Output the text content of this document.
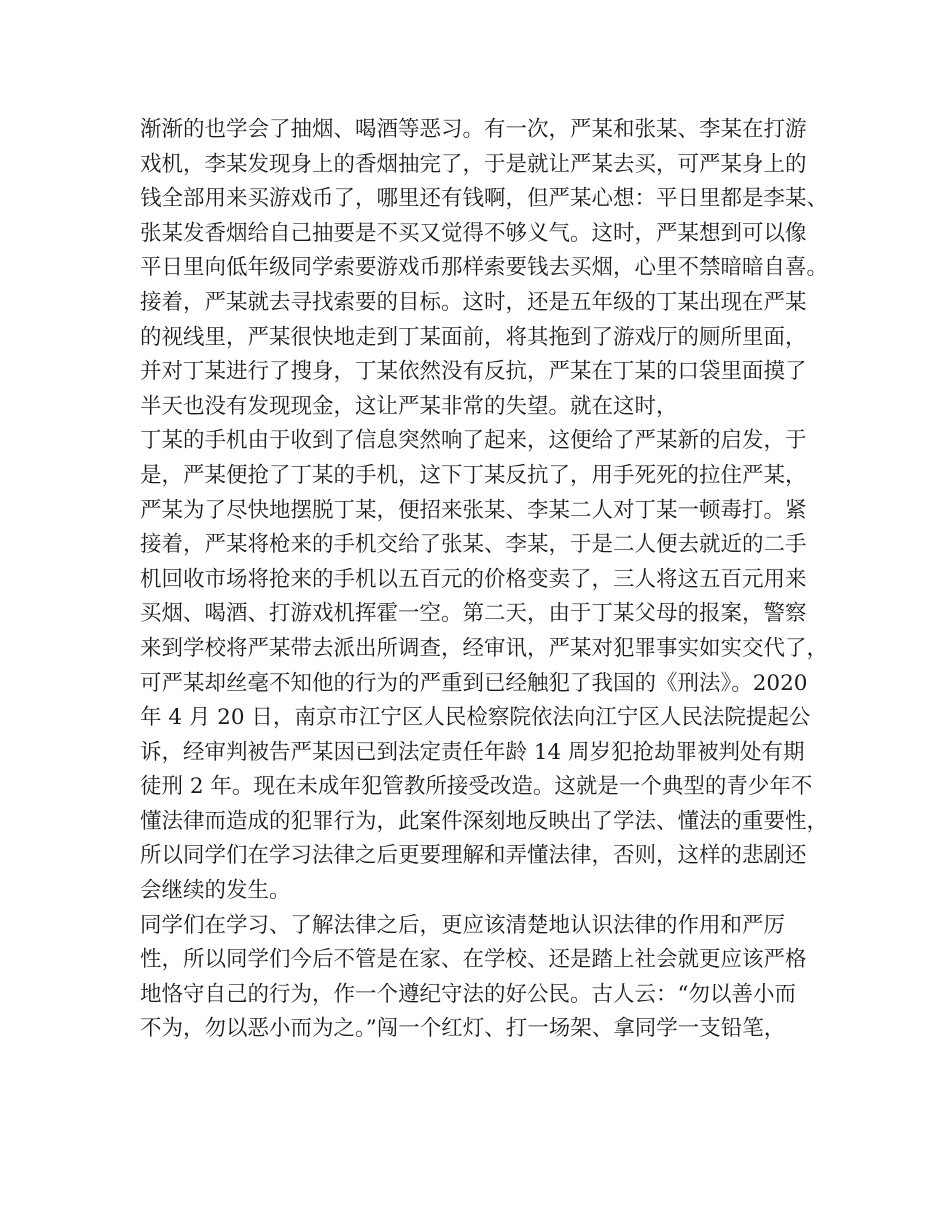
渐渐的也学会了抽烟、喝酒等恶习。有一次，严某和张某、李某在打游
戏机，李某发现身上的香烟抽完了，于是就让严某去买，可严某身上的
钱全部用来买游戏币了，哪里还有钱啊，但严某心想：平日里都是李某、
张某发香烟给自己抽要是不买又觉得不够义气。这时，严某想到可以像
平日里向低年级同学索要游戏币那样索要钱去买烟，心里不禁暗暗自喜。
接着，严某就去寻找索要的目标。这时，还是五年级的丁某出现在严某
的视线里，严某很快地走到丁某面前，将其拖到了游戏厅的厕所里面，
并对丁某进行了搜身，丁某依然没有反抗，严某在丁某的口袋里面摸了
半天也没有发现现金，这让严某非常的失望。就在这时，
丁某的手机由于收到了信息突然响了起来，这便给了严某新的启发，于
是，严某便抢了丁某的手机，这下丁某反抗了，用手死死的拉住严某，
严某为了尽快地摆脱丁某，便招来张某、李某二人对丁某一顿毒打。紧
接着，严某将枪来的手机交给了张某、李某，于是二人便去就近的二手
机回收市场将抢来的手机以五百元的价格变卖了，三人将这五百元用来
买烟、喝酒、打游戏机挥霍一空。第二天，由于丁某父母的报案，警察
来到学校将严某带去派出所调查，经审讯，严某对犯罪事实如实交代了，
可严某却丝毫不知他的行为的严重到已经触犯了我国的《刑法》。2020
年 4 月 20 日，南京市江宁区人民检察院依法向江宁区人民法院提起公
诉，经审判被告严某因已到法定责任年龄 14 周岁犯抢劫罪被判处有期
徒刑 2 年。现在未成年犯管教所接受改造。这就是一个典型的青少年不
懂法律而造成的犯罪行为，此案件深刻地反映出了学法、懂法的重要性，
所以同学们在学习法律之后更要理解和弄懂法律，否则，这样的悲剧还
会继续的发生。
同学们在学习、了解法律之后，更应该清楚地认识法律的作用和严厉
性，所以同学们今后不管是在家、在学校、还是踏上社会就更应该严格
地恪守自己的行为，作一个遵纪守法的好公民。古人云：“勿以善小而
不为，勿以恶小而为之。”闯一个红灯、打一场架、拿同学一支铅笔，
